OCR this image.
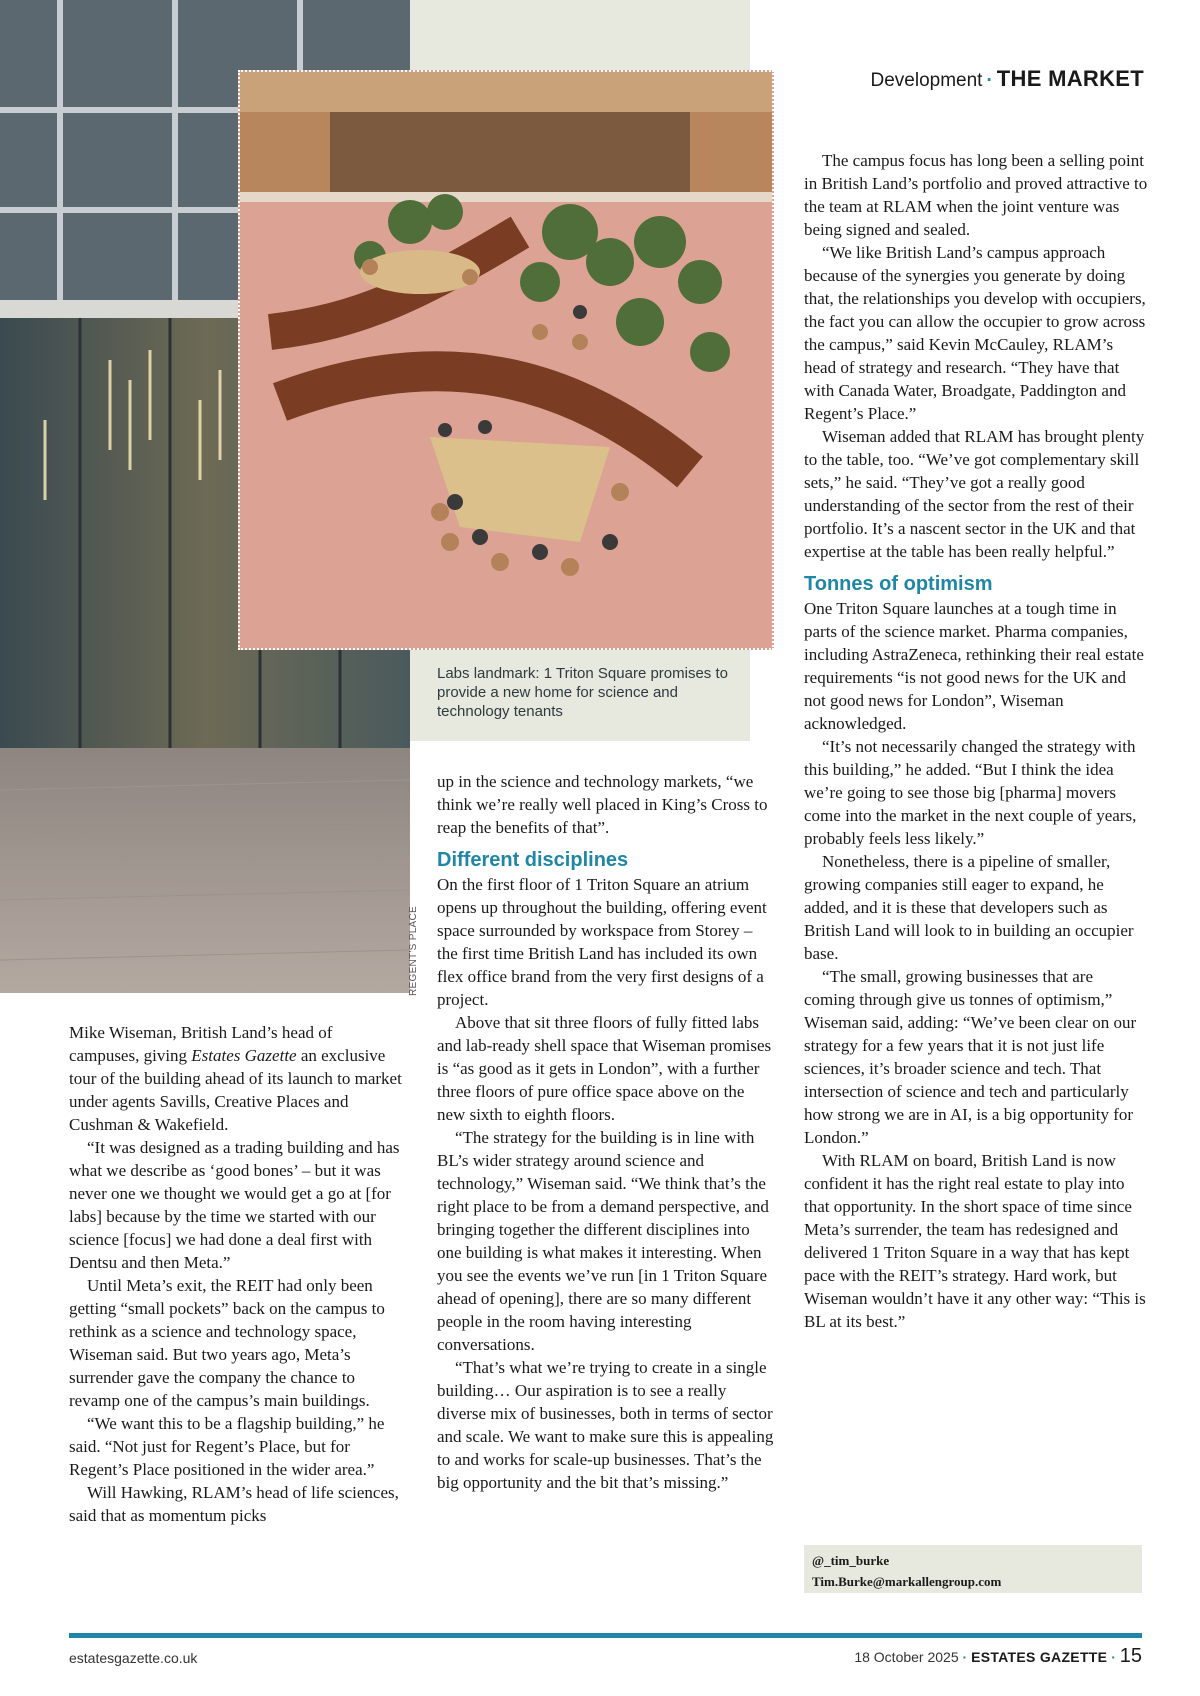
Labs landmark: 1 Triton Square promises to provide a new home for science and technology tenants
REGENT'S PLACE
Development · THE MARKET

Mike Wiseman, British Land’s head of campuses, giving Estates Gazette an exclusive tour of the building ahead of its launch to market under agents Savills, Creative Places and Cushman & Wakefield.

“It was designed as a trading building and has what we describe as ‘good bones’ – but it was never one we thought we would get a go at [for labs] because by the time we started with our science [focus] we had done a deal first with Dentsu and then Meta.”

Until Meta’s exit, the REIT had only been getting “small pockets” back on the campus to rethink as a science and technology space, Wiseman said. But two years ago, Meta’s surrender gave the company the chance to revamp one of the campus’s main buildings.

“We want this to be a flagship building,” he said. “Not just for Regent’s Place, but for Regent’s Place positioned in the wider area.”

Will Hawking, RLAM’s head of life sciences, said that as momentum picks

up in the science and technology markets, “we think we’re really well placed in King’s Cross to reap the benefits of that”.

Different disciplines

On the first floor of 1 Triton Square an atrium opens up throughout the building, offering event space surrounded by workspace from Storey – the first time British Land has included its own flex office brand from the very first designs of a project.

Above that sit three floors of fully fitted labs and lab-ready shell space that Wiseman promises is “as good as it gets in London”, with a further three floors of pure office space above on the new sixth to eighth floors.

“The strategy for the building is in line with BL’s wider strategy around science and technology,” Wiseman said. “We think that’s the right place to be from a demand perspective, and bringing together the different disciplines into one building is what makes it interesting. When you see the events we’ve run [in 1 Triton Square ahead of opening], there are so many different people in the room having interesting conversations.

“That’s what we’re trying to create in a single building… Our aspiration is to see a really diverse mix of businesses, both in terms of sector and scale. We want to make sure this is appealing to and works for scale-up businesses. That’s the big opportunity and the bit that’s missing.”

The campus focus has long been a selling point in British Land’s portfolio and proved attractive to the team at RLAM when the joint venture was being signed and sealed.

“We like British Land’s campus approach because of the synergies you generate by doing that, the relationships you develop with occupiers, the fact you can allow the occupier to grow across the campus,” said Kevin McCauley, RLAM’s head of strategy and research. “They have that with Canada Water, Broadgate, Paddington and Regent’s Place.”

Wiseman added that RLAM has brought plenty to the table, too. “We’ve got complementary skill sets,” he said. “They’ve got a really good understanding of the sector from the rest of their portfolio. It’s a nascent sector in the UK and that expertise at the table has been really helpful.”

Tonnes of optimism

One Triton Square launches at a tough time in parts of the science market. Pharma companies, including AstraZeneca, rethinking their real estate requirements “is not good news for the UK and not good news for London”, Wiseman acknowledged.

“It’s not necessarily changed the strategy with this building,” he added. “But I think the idea we’re going to see those big [pharma] movers come into the market in the next couple of years, probably feels less likely.”

Nonetheless, there is a pipeline of smaller, growing companies still eager to expand, he added, and it is these that developers such as British Land will look to in building an occupier base.

“The small, growing businesses that are coming through give us tonnes of optimism,” Wiseman said, adding: “We’ve been clear on our strategy for a few years that it is not just life sciences, it’s broader science and tech. That intersection of science and tech and particularly how strong we are in AI, is a big opportunity for London.”

With RLAM on board, British Land is now confident it has the right real estate to play into that opportunity. In the short space of time since Meta’s surrender, the team has redesigned and delivered 1 Triton Square in a way that has kept pace with the REIT’s strategy. Hard work, but Wiseman wouldn’t have it any other way: “This is BL at its best.”

@_tim_burke
Tim.Burke@markallengroup.com
estatesgazette.co.uk	18 October 2025 · ESTATES GAZETTE · 15
